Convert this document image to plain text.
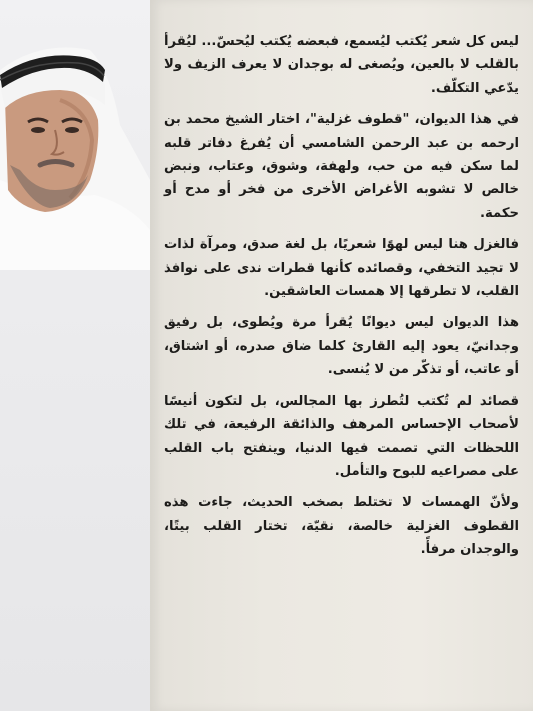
ليس كل شعر يُكتب ليُسمع، فبعضه يُكتب ليُحسّ... ليُقرأ بالقلب لا بالعين، ويُصغى له بوجدان لا يعرف الزيف ولا يدّعي التكلّف.

في هذا الديوان، "قطوف غزلية"، اختار الشيخ محمد بن ارحمه بن عبد الرحمن الشامسي أن يُفرغ دفاتر قلبه لما سكن فيه من حب، ولهفة، وشوق، وعتاب، ونبض خالص لا تشوبه الأغراض الأخرى من فخر أو مدح أو حكمة.

فالغزل هنا ليس لهوًا شعريًا، بل لغة صدق، ومرآة لذات لا تجيد التخفي، وقصائده كأنها قطرات ندى على نوافذ القلب، لا تطرقها إلا همسات العاشقين.

هذا الديوان ليس ديوانًا يُقرأ مرة ويُطوى، بل رفيق وجدانيّ، يعود إليه القارئ كلما ضاق صدره، أو اشتاق، أو عاتب، أو تذكّر من لا يُنسى.

قصائد لم تُكتب لتُطرز بها المجالس، بل لتكون أنيسًا لأصحاب الإحساس المرهف والذائقة الرفيعة، في تلك اللحظات التي تصمت فيها الدنيا، وينفتح باب القلب على مصراعيه للبوح والتأمل.

ولأنّ الهمسات لا تختلط بصخب الحديث، جاءت هذه القطوف الغزلية خالصة، نقيّة، تختار القلب بيتًا، والوجدان مرفأً.
